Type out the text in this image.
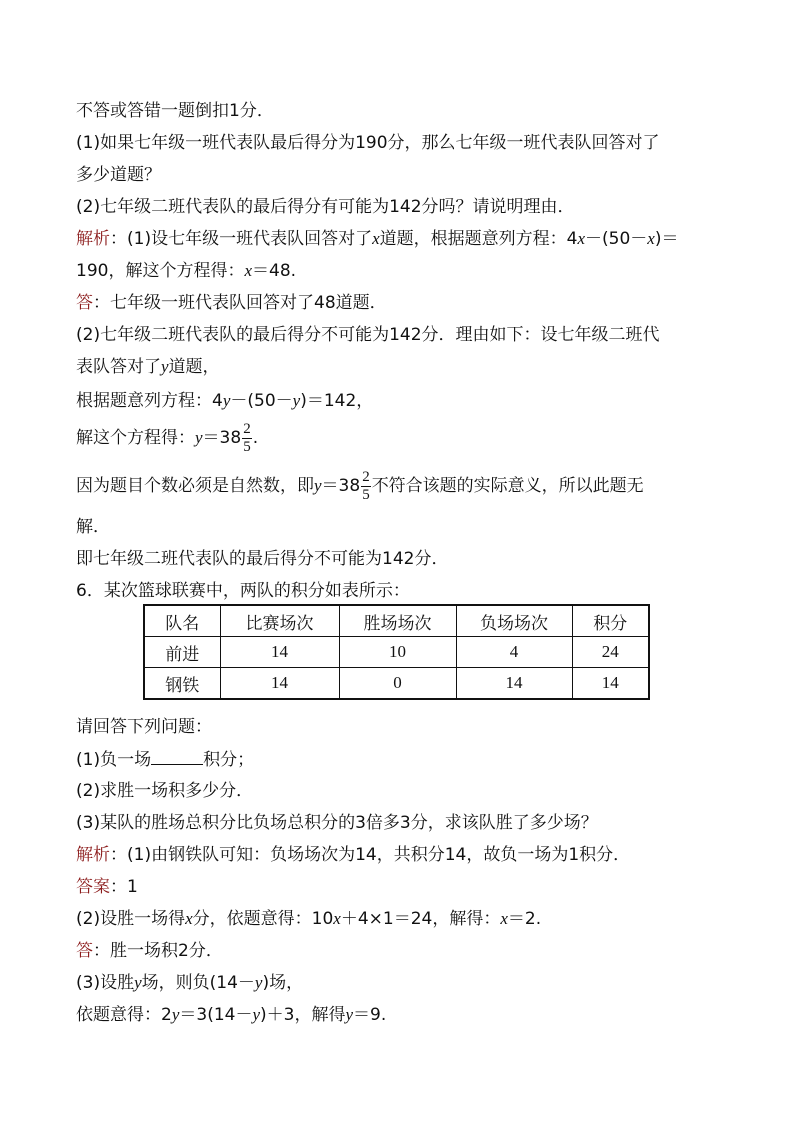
不答或答错一题倒扣1分．
(1)如果七年级一班代表队最后得分为190分，那么七年级一班代表队回答对了
多少道题？
(2)七年级二班代表队的最后得分有可能为142分吗？请说明理由．
解析：(1)设七年级一班代表队回答对了x道题，根据题意列方程：4x－(50－x)＝
190，解这个方程得：x＝48.
答：七年级一班代表队回答对了48道题．
(2)七年级二班代表队的最后得分不可能为142分．理由如下：设七年级二班代
表队答对了y道题，
根据题意列方程：4y－(50－y)＝142，
解这个方程得：$y=38 \frac{2}{5}$ .
因为题目个数必须是自然数，即$y=38 \frac{2}{5}$ 不符合该题的实际意义，所以此题无
解．
即七年级二班代表队的最后得分不可能为142分．
6．某次篮球联赛中，两队的积分如表所示：
队名	比赛场次	胜场场次	负场场次	积分
前进	14	10	4	24
钢铁	14	0	14	14
请回答下列问题：
(1)负一场	积分；
(2)求胜一场积多少分．
(3)某队的胜场总积分比负场总积分的3倍多3分，求该队胜了多少场？
解析：(1)由钢铁队可知：负场场次为14，共积分14，故负一场为1积分．
答案：1
(2)设胜一场得x分，依题意得：10x＋4×1＝24，解得：x＝2.
答：胜一场积2分．
(3)设胜y场，则负(14－y)场，
依题意得：2y＝3(14－y)＋3，解得y＝9.
